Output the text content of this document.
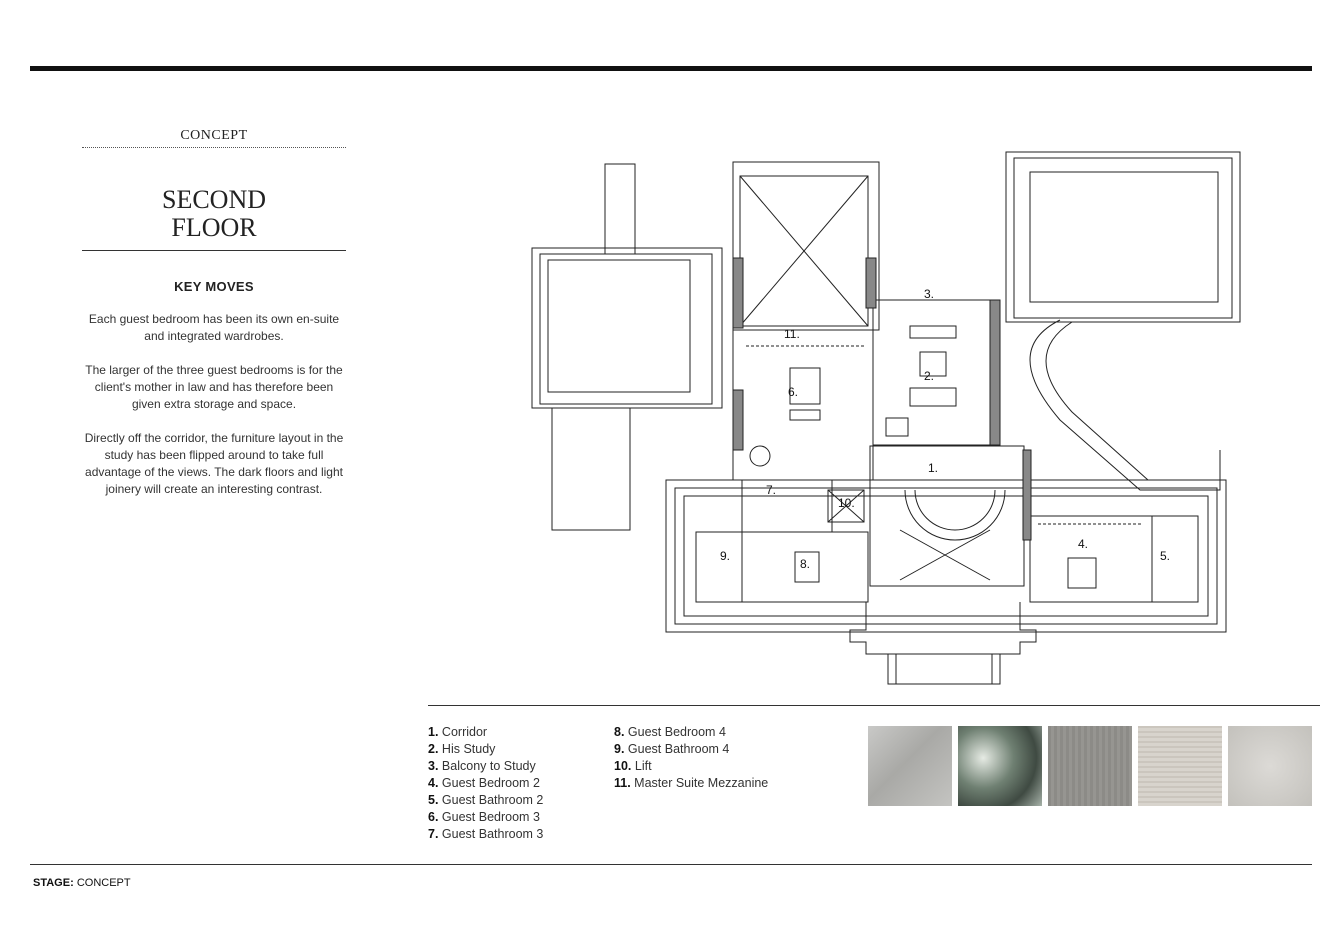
CONCEPT
SECOND
FLOOR
KEY MOVES
Each guest bedroom has been its own en-suite and integrated wardrobes.
The larger of the three guest bedrooms is for the client's mother in law and has therefore been given extra storage and space.
Directly off the corridor, the furniture layout in the study has been flipped around to take full advantage of the views. The dark floors and light joinery will create an interesting contrast.
3.
2.
11.
6.
1.
7.
10.
8.
9.
4.
5.
1. Corridor
2. His Study
3. Balcony to Study
4. Guest Bedroom 2
5. Guest Bathroom 2
6. Guest Bedroom 3
7. Guest Bathroom 3
8. Guest Bedroom 4
9. Guest Bathroom 4
10. Lift
11. Master Suite Mezzanine
STAGE: CONCEPT
